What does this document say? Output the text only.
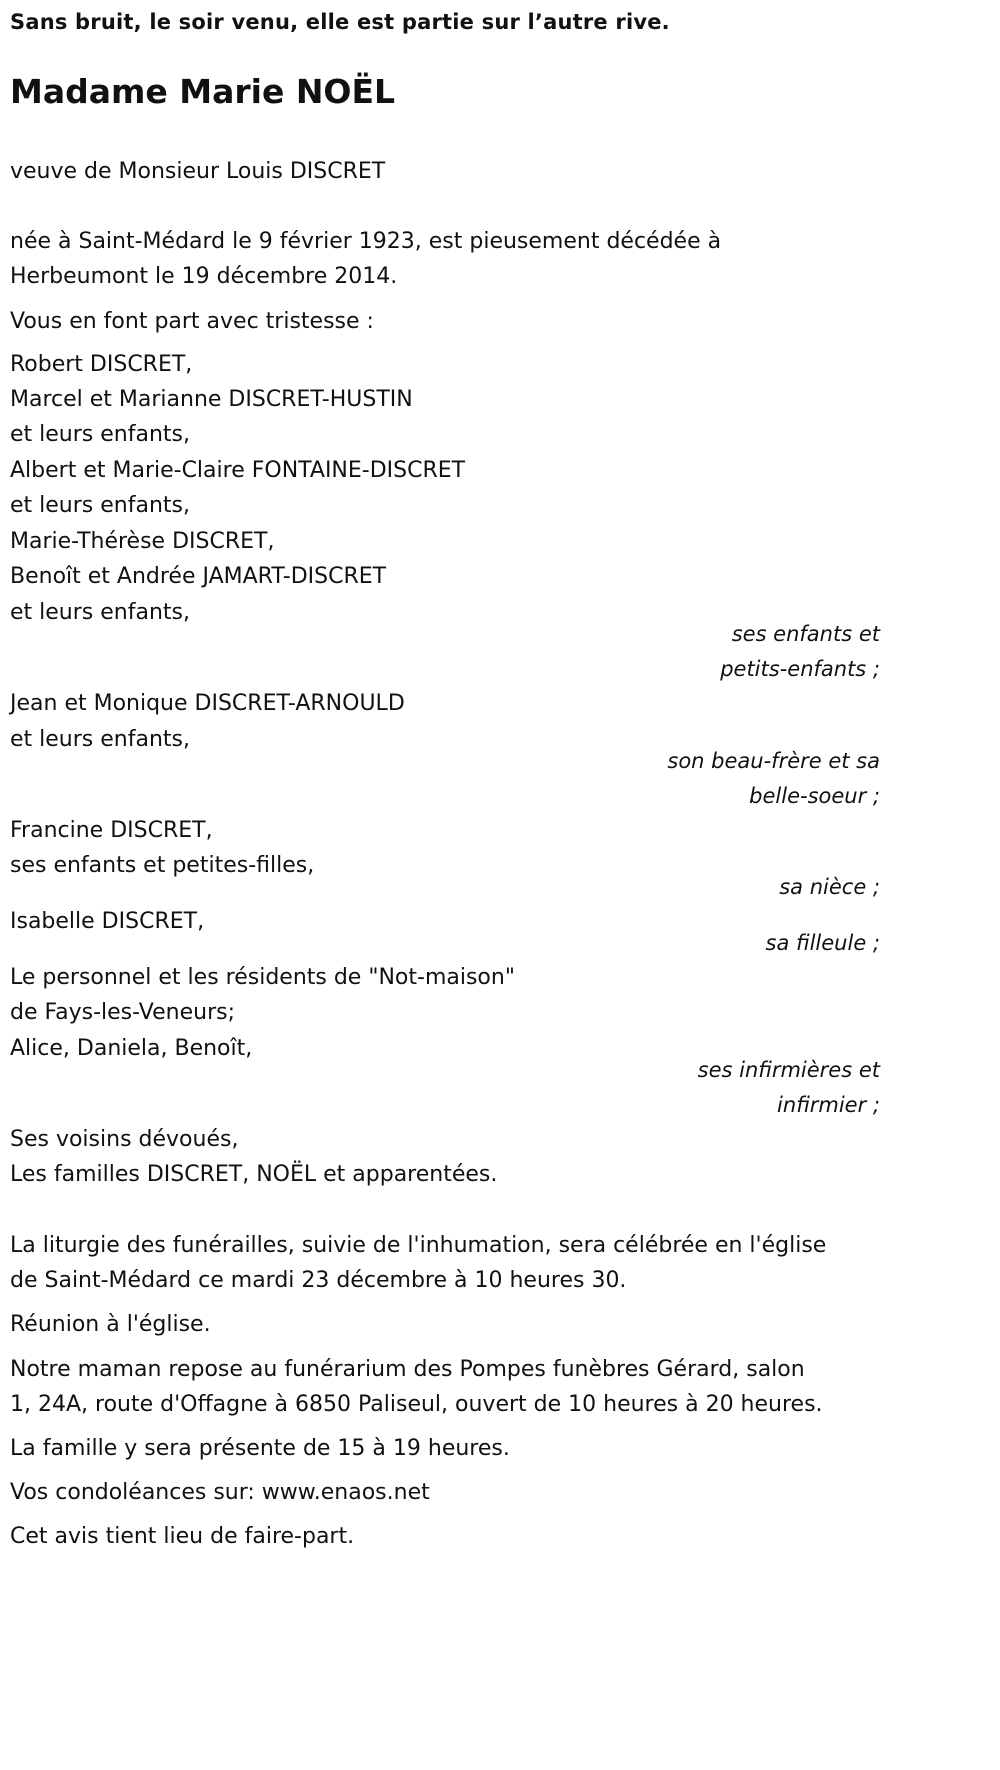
Sans bruit, le soir venu, elle est partie sur l’autre rive.
Madame Marie NOËL
veuve de Monsieur Louis DISCRET
née à Saint-Médard le 9 février 1923, est pieusement décédée à
Herbeumont le 19 décembre 2014.
Vous en font part avec tristesse :
Robert DISCRET,
Marcel et Marianne DISCRET-HUSTIN
et leurs enfants,
Albert et Marie-Claire FONTAINE-DISCRET
et leurs enfants,
Marie-Thérèse DISCRET,
Benoît et Andrée JAMART-DISCRET
et leurs enfants,
ses enfants et
petits-enfants ;
Jean et Monique DISCRET-ARNOULD
et leurs enfants,
son beau-frère et sa
belle-soeur ;
Francine DISCRET,
ses enfants et petites-filles,
sa nièce ;
Isabelle DISCRET,
sa filleule ;
Le personnel et les résidents de "Not-maison"
de Fays-les-Veneurs;
Alice, Daniela, Benoît,
ses infirmières et
infirmier ;
Ses voisins dévoués,
Les familles DISCRET, NOËL et apparentées.
La liturgie des funérailles, suivie de l'inhumation, sera célébrée en l'église
de Saint-Médard ce mardi 23 décembre à 10 heures 30.
Réunion à l'église.
Notre maman repose au funérarium des Pompes funèbres Gérard, salon
1, 24A, route d'Offagne à 6850 Paliseul, ouvert de 10 heures à 20 heures.
La famille y sera présente de 15 à 19 heures.
Vos condoléances sur: www.enaos.net
Cet avis tient lieu de faire-part.
